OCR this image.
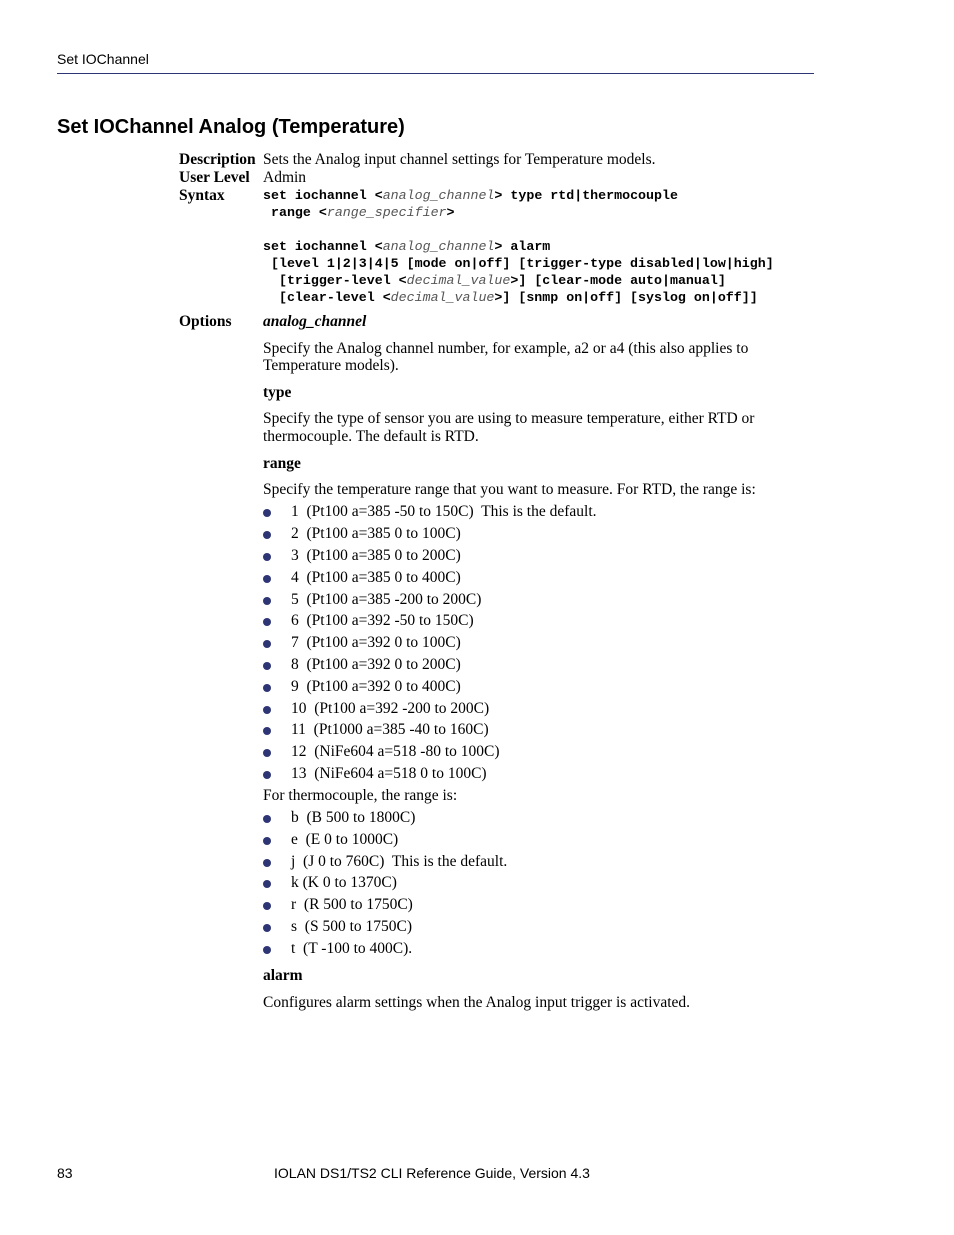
Set IOChannel
Set IOChannel Analog (Temperature)
Description Sets the Analog input channel settings for Temperature models.
User Level Admin
Syntax	set iochannel <analog_channel> type rtd|thermocouple
range <range_specifier>
set iochannel <analog_channel> alarm
[level 1|2|3|4|5 [mode on|off] [trigger-type disabled|low|high]
[trigger-level <decimal_value>] [clear-mode auto|manual]
[clear-level <decimal_value>] [snmp on|off] [syslog on|off]]
Options analog_channel
Specify the Analog channel number, for example, a2 or a4 (this also applies to
Temperature models).
type
Specify the type of sensor you are using to measure temperature, either RTD or
thermocouple. The default is RTD.
range
Specify the temperature range that you want to measure. For RTD, the range is:
1  (Pt100 a=385 -50 to 150C)  This is the default.
2  (Pt100 a=385 0 to 100C)
3  (Pt100 a=385 0 to 200C)
4  (Pt100 a=385 0 to 400C)
5  (Pt100 a=385 -200 to 200C)
6  (Pt100 a=392 -50 to 150C)
7  (Pt100 a=392 0 to 100C)
8  (Pt100 a=392 0 to 200C)
9  (Pt100 a=392 0 to 400C)
10  (Pt100 a=392 -200 to 200C)
11  (Pt1000 a=385 -40 to 160C)
12  (NiFe604 a=518 -80 to 100C)
13  (NiFe604 a=518 0 to 100C)
For thermocouple, the range is:
b  (B 500 to 1800C)
e  (E 0 to 1000C)
j  (J 0 to 760C)  This is the default.
k (K 0 to 1370C)
r  (R 500 to 1750C)
s  (S 500 to 1750C)
t  (T -100 to 400C).
alarm
Configures alarm settings when the Analog input trigger is activated.
83	IOLAN DS1/TS2 CLI Reference Guide, Version 4.3
